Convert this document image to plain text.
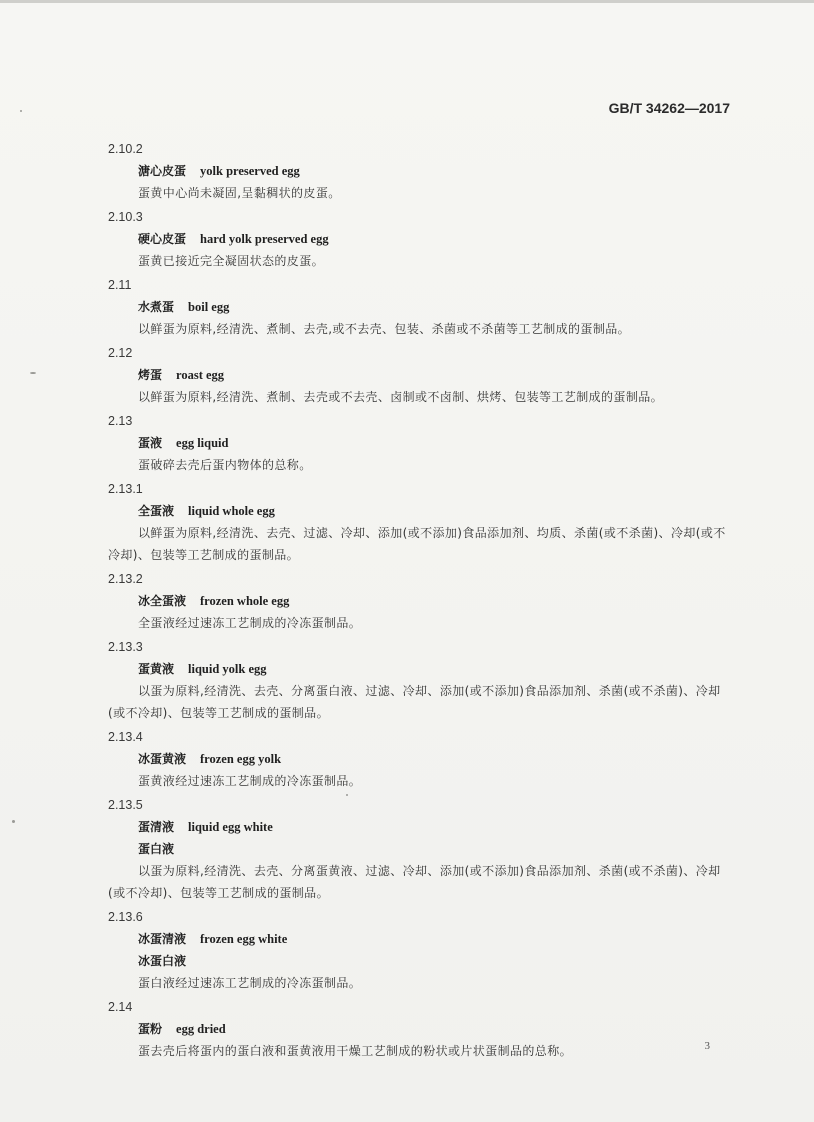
GB/T 34262—2017
2.10.2
溏心皮蛋 yolk preserved egg

蛋黄中心尚未凝固,呈黏稠状的皮蛋。

2.10.3
硬心皮蛋 hard yolk preserved egg

蛋黄已接近完全凝固状态的皮蛋。

2.11
水煮蛋 boil egg

以鲜蛋为原料,经清洗、煮制、去壳,或不去壳、包装、杀菌或不杀菌等工艺制成的蛋制品。

2.12
烤蛋 roast egg

以鲜蛋为原料,经清洗、煮制、去壳或不去壳、卤制或不卤制、烘烤、包装等工艺制成的蛋制品。

2.13
蛋液 egg liquid

蛋破碎去壳后蛋内物体的总称。

2.13.1
全蛋液 liquid whole egg

以鲜蛋为原料,经清洗、去壳、过滤、冷却、添加(或不添加)食品添加剂、均质、杀菌(或不杀菌)、冷却(或不冷却)、包装等工艺制成的蛋制品。

2.13.2
冰全蛋液 frozen whole egg

全蛋液经过速冻工艺制成的冷冻蛋制品。

2.13.3
蛋黄液 liquid yolk egg

以蛋为原料,经清洗、去壳、分离蛋白液、过滤、冷却、添加(或不添加)食品添加剂、杀菌(或不杀菌)、冷却(或不冷却)、包装等工艺制成的蛋制品。

2.13.4
冰蛋黄液 frozen egg yolk

蛋黄液经过速冻工艺制成的冷冻蛋制品。

2.13.5
蛋清液 liquid egg white
蛋白液

以蛋为原料,经清洗、去壳、分离蛋黄液、过滤、冷却、添加(或不添加)食品添加剂、杀菌(或不杀菌)、冷却(或不冷却)、包装等工艺制成的蛋制品。

2.13.6
冰蛋清液 frozen egg white
冰蛋白液

蛋白液经过速冻工艺制成的冷冻蛋制品。

2.14
蛋粉 egg dried

蛋去壳后将蛋内的蛋白液和蛋黄液用干燥工艺制成的粉状或片状蛋制品的总称。	3
